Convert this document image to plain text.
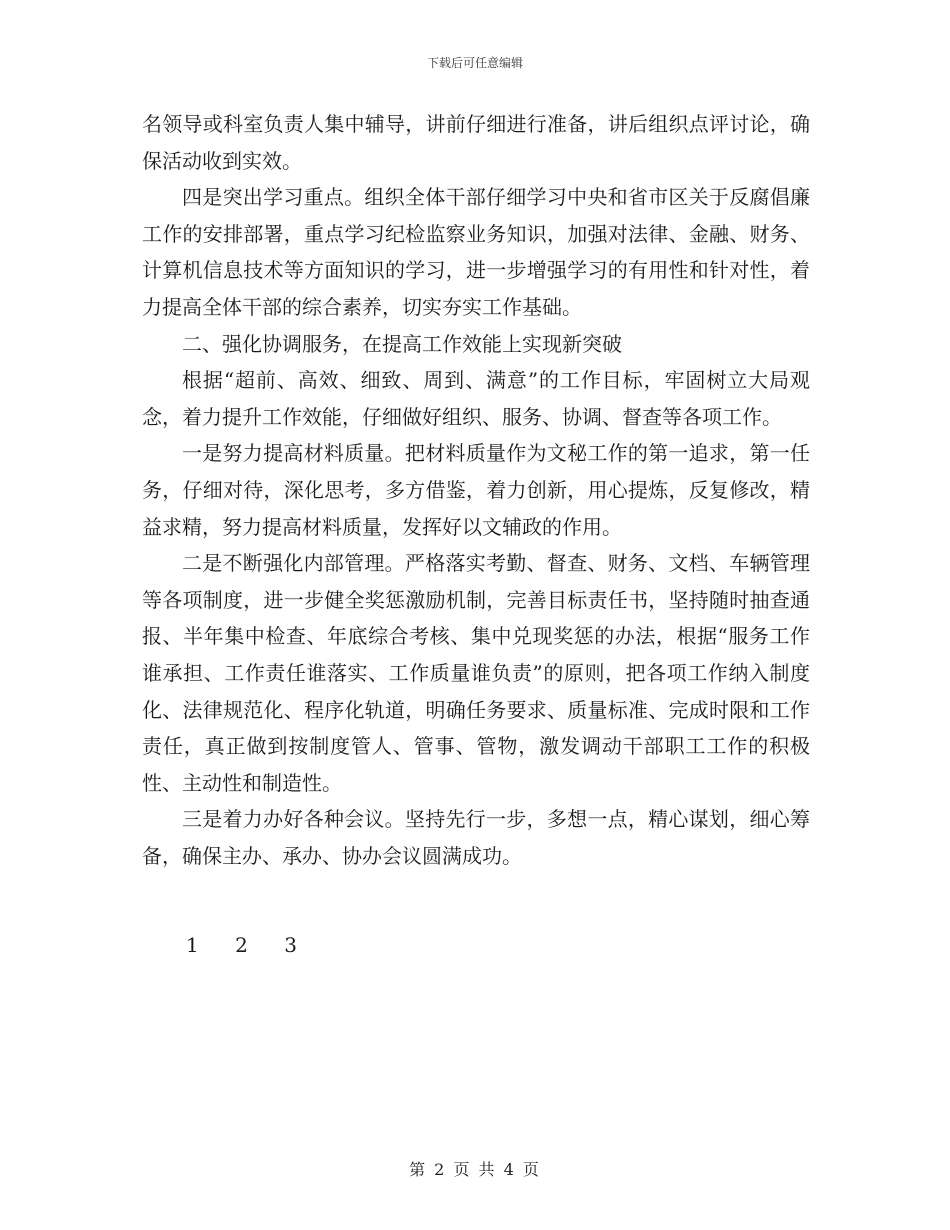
下载后可任意编辑

名领导或科室负责人集中辅导，讲前仔细进行准备，讲后组织点评讨论，确保活动收到实效。

四是突出学习重点。组织全体干部仔细学习中央和省市区关于反腐倡廉工作的安排部署，重点学习纪检监察业务知识，加强对法律、金融、财务、计算机信息技术等方面知识的学习，进一步增强学习的有用性和针对性，着力提高全体干部的综合素养，切实夯实工作基础。

二、强化协调服务，在提高工作效能上实现新突破

根据“超前、高效、细致、周到、满意”的工作目标，牢固树立大局观念，着力提升工作效能，仔细做好组织、服务、协调、督查等各项工作。

一是努力提高材料质量。把材料质量作为文秘工作的第一追求，第一任务，仔细对待，深化思考，多方借鉴，着力创新，用心提炼，反复修改，精益求精，努力提高材料质量，发挥好以文辅政的作用。

二是不断强化内部管理。严格落实考勤、督查、财务、文档、车辆管理等各项制度，进一步健全奖惩激励机制，完善目标责任书，坚持随时抽查通报、半年集中检查、年底综合考核、集中兑现奖惩的办法，根据“服务工作谁承担、工作责任谁落实、工作质量谁负责”的原则，把各项工作纳入制度化、法律规范化、程序化轨道，明确任务要求、质量标准、完成时限和工作责任，真正做到按制度管人、管事、管物，激发调动干部职工工作的积极性、主动性和制造性。

三是着力办好各种会议。坚持先行一步，多想一点，精心谋划，细心筹备，确保主办、承办、协办会议圆满成功。

1 2 3
第 2 页 共 4 页
